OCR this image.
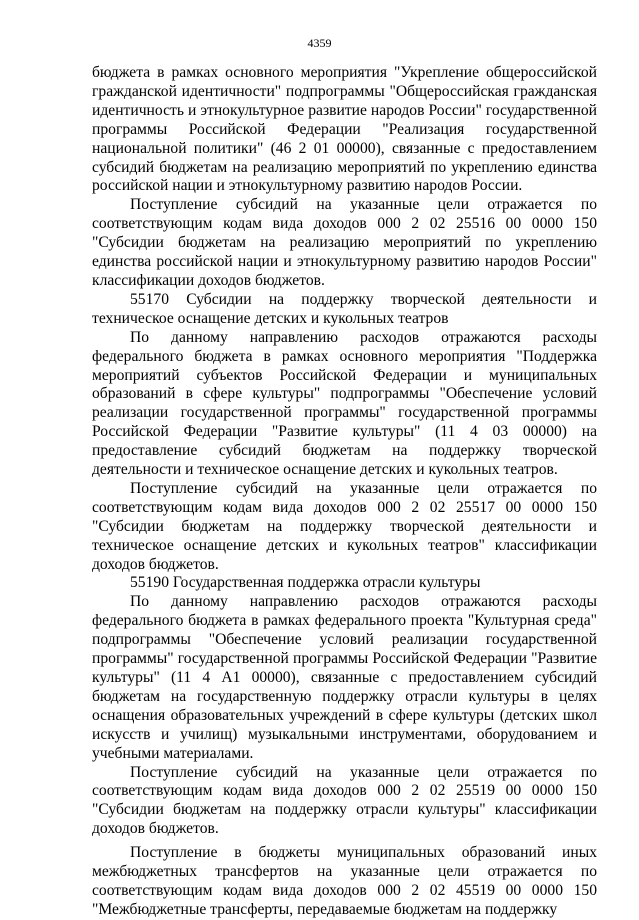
4359

бюджета в рамках основного мероприятия "Укрепление общероссийской гражданской идентичности" подпрограммы "Общероссийская гражданская идентичность и этнокультурное развитие народов России" государственной программы Российской Федерации "Реализация государственной национальной политики" (46 2 01 00000), связанные с предоставлением субсидий бюджетам на реализацию мероприятий по укреплению единства российской нации и этнокультурному развитию народов России.

Поступление субсидий на указанные цели отражается по соответствующим кодам вида доходов 000 2 02 25516 00 0000 150 "Субсидии бюджетам на реализацию мероприятий по укреплению единства российской нации и этнокультурному развитию народов России" классификации доходов бюджетов.

55170 Субсидии на поддержку творческой деятельности и техническое оснащение детских и кукольных театров

По данному направлению расходов отражаются расходы федерального бюджета в рамках основного мероприятия "Поддержка мероприятий субъектов Российской Федерации и муниципальных образований в сфере культуры" подпрограммы "Обеспечение условий реализации государственной программы" государственной программы Российской Федерации "Развитие культуры" (11 4 03 00000) на предоставление субсидий бюджетам на поддержку творческой деятельности и техническое оснащение детских и кукольных театров.

Поступление субсидий на указанные цели отражается по соответствующим кодам вида доходов 000 2 02 25517 00 0000 150 "Субсидии бюджетам на поддержку творческой деятельности и техническое оснащение детских и кукольных театров" классификации доходов бюджетов.

55190 Государственная поддержка отрасли культуры

По данному направлению расходов отражаются расходы федерального бюджета в рамках федерального проекта "Культурная среда" подпрограммы "Обеспечение условий реализации государственной программы" государственной программы Российской Федерации "Развитие культуры" (11 4 А1 00000), связанные с предоставлением субсидий бюджетам на государственную поддержку отрасли культуры в целях оснащения образовательных учреждений в сфере культуры (детских школ искусств и училищ) музыкальными инструментами, оборудованием и учебными материалами.

Поступление субсидий на указанные цели отражается по соответствующим кодам вида доходов 000 2 02 25519 00 0000 150 "Субсидии бюджетам на поддержку отрасли культуры" классификации доходов бюджетов.

Поступление в бюджеты муниципальных образований иных межбюджетных трансфертов на указанные цели отражается по соответствующим кодам вида доходов 000 2 02 45519 00 0000 150 "Межбюджетные трансферты, передаваемые бюджетам на поддержку
